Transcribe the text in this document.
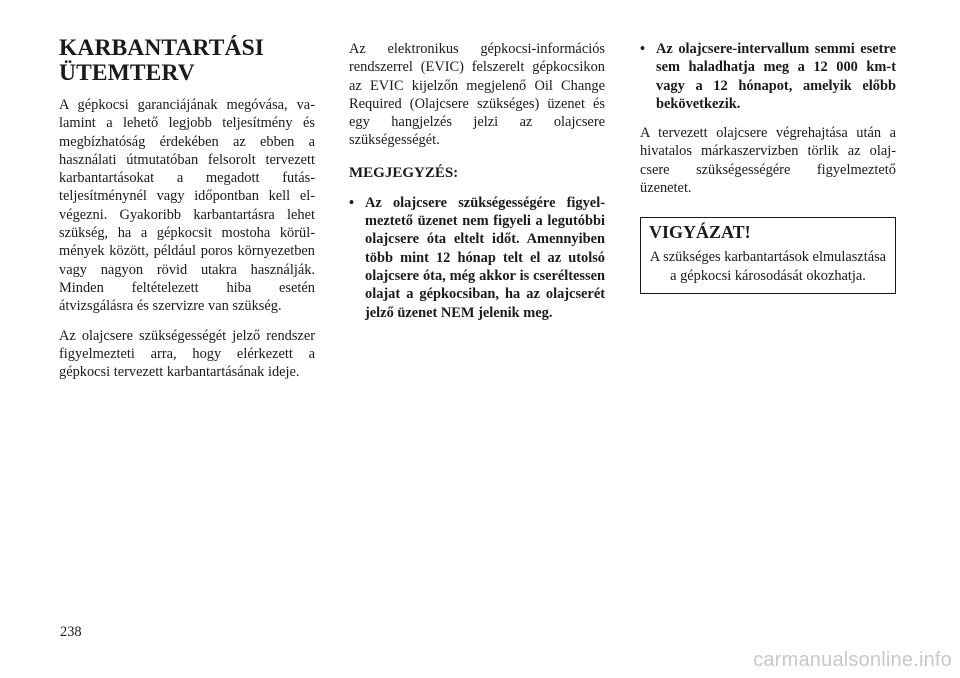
KARBANTARTÁSI ÜTEMTERV

A gépkocsi garanciájának megóvása, valamint a lehető legjobb teljesítmény és megbízhatóság érdekében az ebben a használati útmutatóban felsorolt tervezett karbantartásokat a megadott futásteljesítménynél vagy időpontban kell elvégezni. Gyakoribb karbantartásra lehet szükség, ha a gépkocsit mostoha körülmények között, például poros környezetben vagy nagyon rövid utakra használják. Minden feltételezett hiba esetén átvizsgálásra és szervizre van szükség.

Az olajcsere szükségességét jelző rendszer figyelmezteti arra, hogy elérkezett a gépkocsi tervezett karbantartásának ideje.

Az elektronikus gépkocsi-információs rendszerrel (EVIC) felszerelt gépkocsikon az EVIC kijelzőn megjelenő Oil Change Required (Olajcsere szükséges) üzenet és egy hangjelzés jelzi az olajcsere szükségességét.

MEGJEGYZÉS:
• Az olajcsere szükségességére figyelmeztető üzenet nem figyeli a legutóbbi olajcsere óta eltelt időt. Amennyiben több mint 12 hónap telt el az utolsó olajcsere óta, még akkor is cseréltessen olajat a gépkocsiban, ha az olajcserét jelző üzenet NEM jelenik meg.
• Az olajcsere-intervallum semmi esetre sem haladhatja meg a 12 000 km-t vagy a 12 hónapot, amelyik előbb bekövetkezik.

A tervezett olajcsere végrehajtása után a hivatalos márkaszervizben törlik az olajcsere szükségességére figyelmeztető üzenetet.

VIGYÁZAT!

A szükséges karbantartások elmulasztása a gépkocsi károsodását okozhatja.

238
carmanualsonline.info
